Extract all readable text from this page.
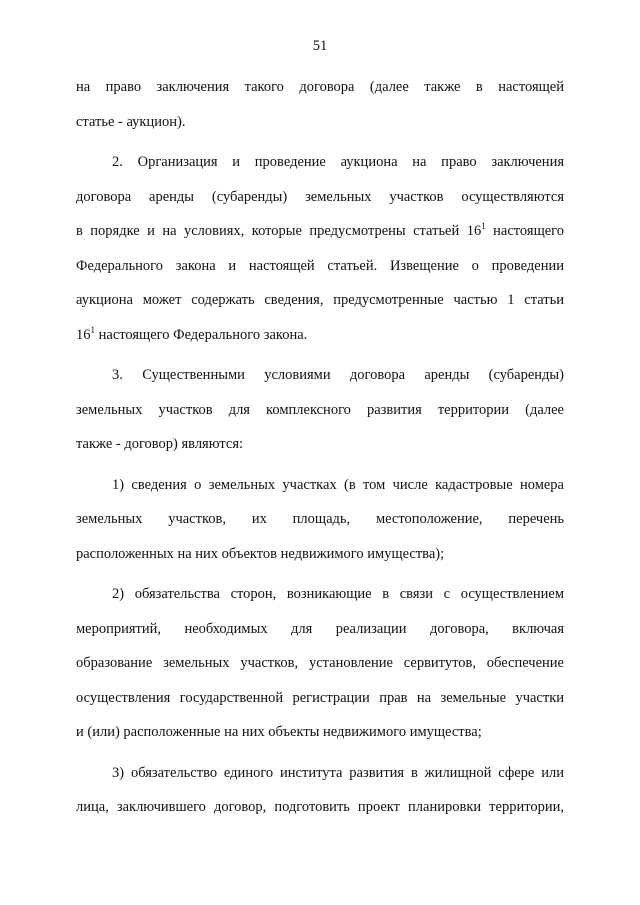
51
на право заключения такого договора (далее также в настоящей
статье - аукцион).
2. Организация и проведение аукциона на право заключения
договора аренды (субаренды) земельных участков осуществляются
в порядке и на условиях, которые предусмотрены статьей $16^1$ настоящего
Федерального закона и настоящей статьей. Извещение о проведении
аукциона может содержать сведения, предусмотренные частью 1 статьи
$16^1$ настоящего Федерального закона.
3. Существенными условиями договора аренды (субаренды)
земельных участков для комплексного развития территории (далее
также - договор) являются:
1) сведения о земельных участках (в том числе кадастровые номера
земельных участков, их площадь, местоположение, перечень
расположенных на них объектов недвижимого имущества);
2) обязательства сторон, возникающие в связи с осуществлением
мероприятий, необходимых для реализации договора, включая
образование земельных участков, установление сервитутов, обеспечение
осуществления государственной регистрации прав на земельные участки
и (или) расположенные на них объекты недвижимого имущества;
3) обязательство единого института развития в жилищной сфере или
лица, заключившего договор, подготовить проект планировки территории,
